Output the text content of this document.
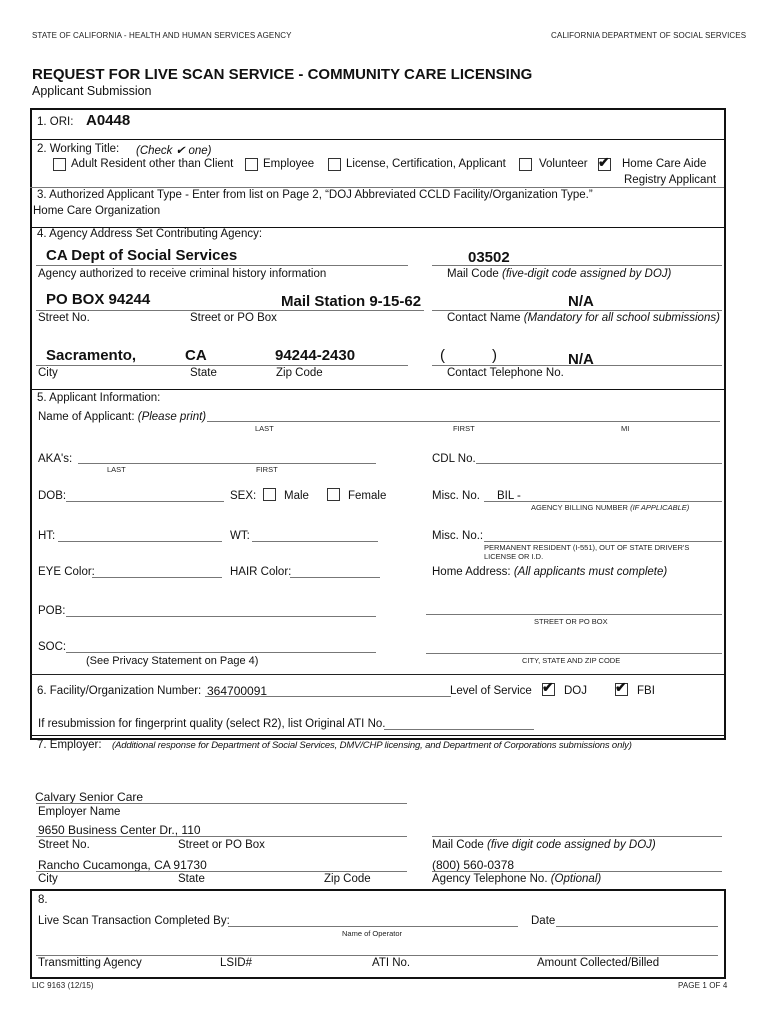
STATE OF CALIFORNIA - HEALTH AND HUMAN SERVICES AGENCY	CALIFORNIA DEPARTMENT OF SOCIAL SERVICES
REQUEST FOR LIVE SCAN SERVICE - COMMUNITY CARE LICENSING
Applicant Submission
1. ORI: A0448
2. Working Title: (Check ✔ one)
Adult Resident other than Client	Employee	License, Certification, Applicant	Volunteer ✔ Home Care Aide
Registry Applicant
3. Authorized Applicant Type - Enter from list on Page 2, “DOJ Abbreviated CCLD Facility/Organization Type.”
Home Care Organization
4. Agency Address Set Contributing Agency:
CA Dept of Social Services
Agency authorized to receive criminal history information
03502
Mail Code (five-digit code assigned by DOJ)
PO BOX 94244	Mail Station 9-15-62
Street No.	Street or PO Box
N/A
Contact Name (Mandatory for all school submissions)
Sacramento,	CA	94244-2430
City	State	Zip Code
(	)	N/A
Contact Telephone No.
5. Applicant Information:
Name of Applicant: (Please print)
LAST	FIRST	MI
AKA's:
LAST	FIRST
CDL No.
DOB:	SEX: Male	Female	Misc. No. BIL -
AGENCY BILLING NUMBER (IF APPLICABLE)
HT:	WT:	Misc. No.:
PERMANENT RESIDENT (I-551), OUT OF STATE DRIVER'S
LICENSE OR I.D.
EYE Color:	HAIR Color:	Home Address: (All applicants must complete)
POB:
STREET OR PO BOX
SOC:
(See Privacy Statement on Page 4)	CITY, STATE AND ZIP CODE
6. Facility/Organization Number: 364700091	Level of Service ✔ DOJ ✔ FBI
If resubmission for fingerprint quality (select R2), list Original ATI No.
7. Employer: (Additional response for Department of Social Services, DMV/CHP licensing, and Department of Corporations submissions only)
Calvary Senior Care
Employer Name
9650 Business Center Dr., 110
Street No.	Street or PO Box	Mail Code (five digit code assigned by DOJ)
Rancho Cucamonga, CA 91730
City	State	Zip Code
(800) 560-0378
Agency Telephone No. (Optional)
8.
Live Scan Transaction Completed By:
Name of Operator
Date
Transmitting Agency	LSID#	ATI No.	Amount Collected/Billed
LIC 9163 (12/15)	PAGE 1 OF 4
